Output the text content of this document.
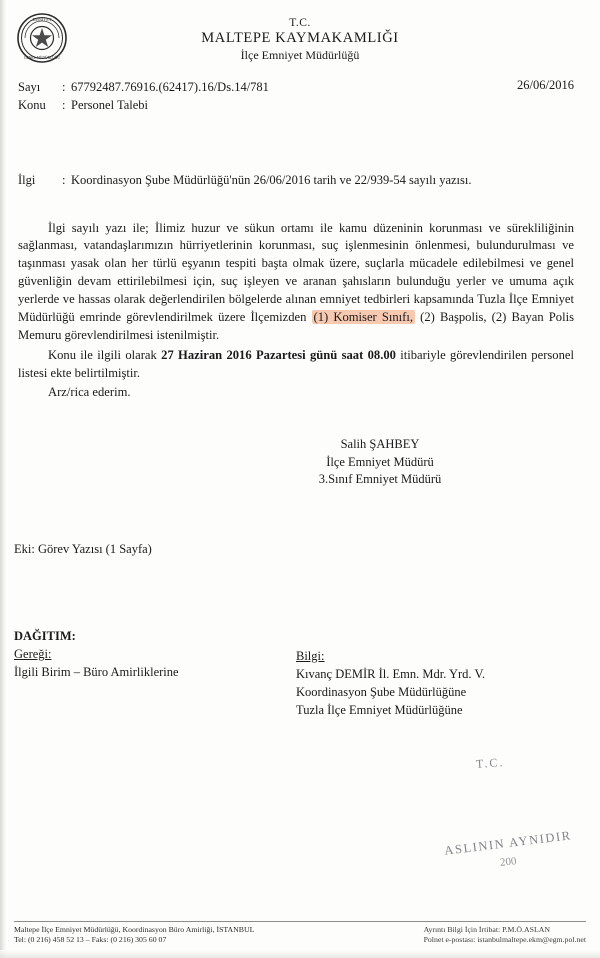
EMNİYET
GENEL MÜDÜRLÜĞÜ
T.C.
MALTEPE KAYMAKAMLIĞI
İlçe Emniyet Müdürlüğü
26/06/2016
Sayı	: 67792487.76916.(62417).16/Ds.14/781
Konu	: Personel Talebi
İlgi	: Koordinasyon Şube Müdürlüğü'nün 26/06/2016 tarih ve 22/939-54 sayılı yazısı.

İlgi sayılı yazı ile; İlimiz huzur ve sükun ortamı ile kamu düzeninin korunması ve sürekliliğinin sağlanması, vatandaşlarımızın hürriyetlerinin korunması, suç işlenmesinin önlenmesi, bulundurulması ve taşınması yasak olan her türlü eşyanın tespiti başta olmak üzere, suçlarla mücadele edilebilmesi ve genel güvenliğin devam ettirilebilmesi için, suç işleyen ve aranan şahısların bulunduğu yerler ve umuma açık yerlerde ve hassas olarak değerlendirilen bölgelerde alınan emniyet tedbirleri kapsamında Tuzla İlçe Emniyet Müdürlüğü emrinde görevlendirilmek üzere İlçemizden (1) Komiser Sınıfı, (2) Başpolis, (2) Bayan Polis Memuru görevlendirilmesi istenilmiştir.

Konu ile ilgili olarak 27 Haziran 2016 Pazartesi günü saat 08.00 itibariyle görevlendirilen personel listesi ekte belirtilmiştir.

Arz/rica ederim.

Salih ŞAHBEY
İlçe Emniyet Müdürü
3.Sınıf Emniyet Müdürü
Eki: Görev Yazısı (1 Sayfa)
DAĞITIM:
Gereği:
İlgili Birim – Büro Amirliklerine
Bilgi:
Kıvanç DEMİR İl. Emn. Mdr. Yrd. V.
Koordinasyon Şube Müdürlüğüne
Tuzla İlçe Emniyet Müdürlüğüne
T.C.
ASLININ AYNIDIR
200
Maltepe İlçe Emniyet Müdürlüğü, Koordinasyon Büro Amirliği, İSTANBUL
Tel: (0 216) 458 52 13 – Faks: (0 216) 305 60 07
Ayrıntı Bilgi İçin İrtibat: P.M.Ö.ASLAN
Polnet e-postası: istanbulmaltepe.ekm@egm.pol.net
